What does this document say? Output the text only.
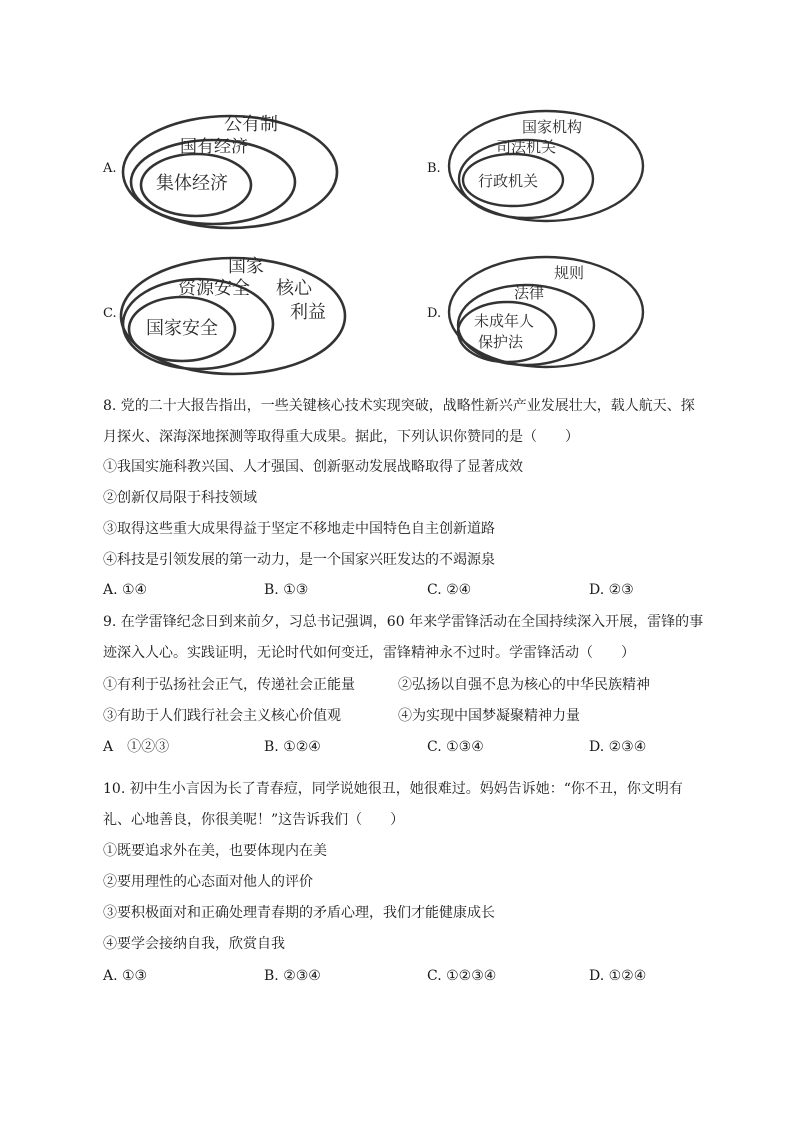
A.
公有制
国有经济
集体经济
B.
国家机构
司法机关
行政机关
C.
国家
核心
利益
资源安全
国家安全
D.
规则
法律
未成年人
保护法
8. 党的二十大报告指出，一些关键核心技术实现突破，战略性新兴产业发展壮大，载人航天、探
月探火、深海深地探测等取得重大成果。据此，下列认识你赞同的是（　　）
①我国实施科教兴国、人才强国、创新驱动发展战略取得了显著成效
②创新仅局限于科技领域
③取得这些重大成果得益于坚定不移地走中国特色自主创新道路
④科技是引领发展的第一动力，是一个国家兴旺发达的不竭源泉
A. ①④	B. ①③	C. ②④	D. ②③
9. 在学雷锋纪念日到来前夕，习总书记强调，60 年来学雷锋活动在全国持续深入开展，雷锋的事
迹深入人心。实践证明，无论时代如何变迁，雷锋精神永不过时。学雷锋活动（　　）
①有利于弘扬社会正气，传递社会正能量	②弘扬以自强不息为核心的中华民族精神
③有助于人们践行社会主义核心价值观	④为实现中国梦凝聚精神力量
A　①②③	B. ①②④	C. ①③④	D. ②③④
10. 初中生小言因为长了青春痘，同学说她很丑，她很难过。妈妈告诉她：“你不丑，你文明有
礼、心地善良，你很美呢！”这告诉我们（　　）
①既要追求外在美，也要体现内在美
②要用理性的心态面对他人的评价
③要积极面对和正确处理青春期的矛盾心理，我们才能健康成长
④要学会接纳自我，欣赏自我
A. ①③	B. ②③④	C. ①②③④	D. ①②④
